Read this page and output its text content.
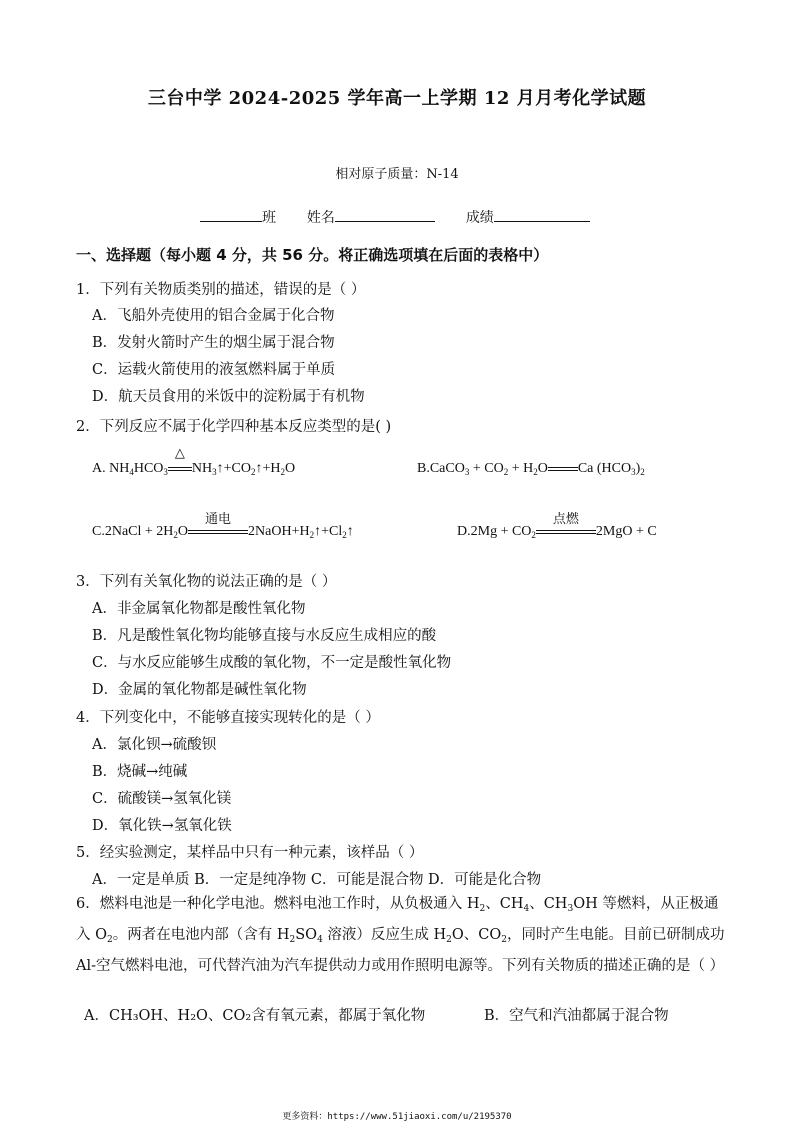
三台中学 2024-2025 学年高一上学期 12 月月考化学试题
相对原子质量：N-14
班 姓名	成绩
一、选择题（每小题 4 分，共 56 分。将正确选项填在后面的表格中）
1．下列有关物质类别的描述，错误的是（ ）
A．飞船外壳使用的铝合金属于化合物
B．发射火箭时产生的烟尘属于混合物
C．运载火箭使用的液氢燃料属于单质
D．航天员食用的米饭中的淀粉属于有机物
2．下列反应不属于化学四种基本反应类型的是( )
A. $NH_4HCO_3$
△
$NH_3↑+CO_2↑+H_2O$	B.CaCO$_3$ + $CO_2 + H_2O$ Ca $(HCO_3)_2$
C.2NaCl + $2H_2O$
通电
$2NaOH+H_2↑+Cl_2↑$	$D.2Mg + CO_2$
点燃
2MgO + C
3．下列有关氧化物的说法正确的是（ ）
A．非金属氧化物都是酸性氧化物
B．凡是酸性氧化物均能够直接与水反应生成相应的酸
C．与水反应能够生成酸的氧化物，不一定是酸性氧化物
D．金属的氧化物都是碱性氧化物
4．下列变化中，不能够直接实现转化的是（ ）
A．氯化钡→硫酸钡
B．烧碱→纯碱
C．硫酸镁→氢氧化镁
D．氧化铁→氢氧化铁
5．经实验测定，某样品中只有一种元素，该样品（ ）
A．一定是单质 B．一定是纯净物 C．可能是混合物 D．可能是化合物
6．燃料电池是一种化学电池。燃料电池工作时，从负极通入 $H_2$、$CH_4$、$CH_3OH$ 等燃料，从正极通入 $O_2$。两者在电池内部（含有 $H_2SO_4$ 溶液）反应生成 $H_2O$、$CO_2$，同时产生电能。目前已研制成功 Al-空气燃料电池，可代替汽油为汽车提供动力或用作照明电源等。下列有关物质的描述正确的是（ ）
A．CH₃OH、H₂O、CO₂含有氧元素，都属于氧化物	B．空气和汽油都属于混合物
更多资料：https://www.51jiaoxi.com/u/2195370
